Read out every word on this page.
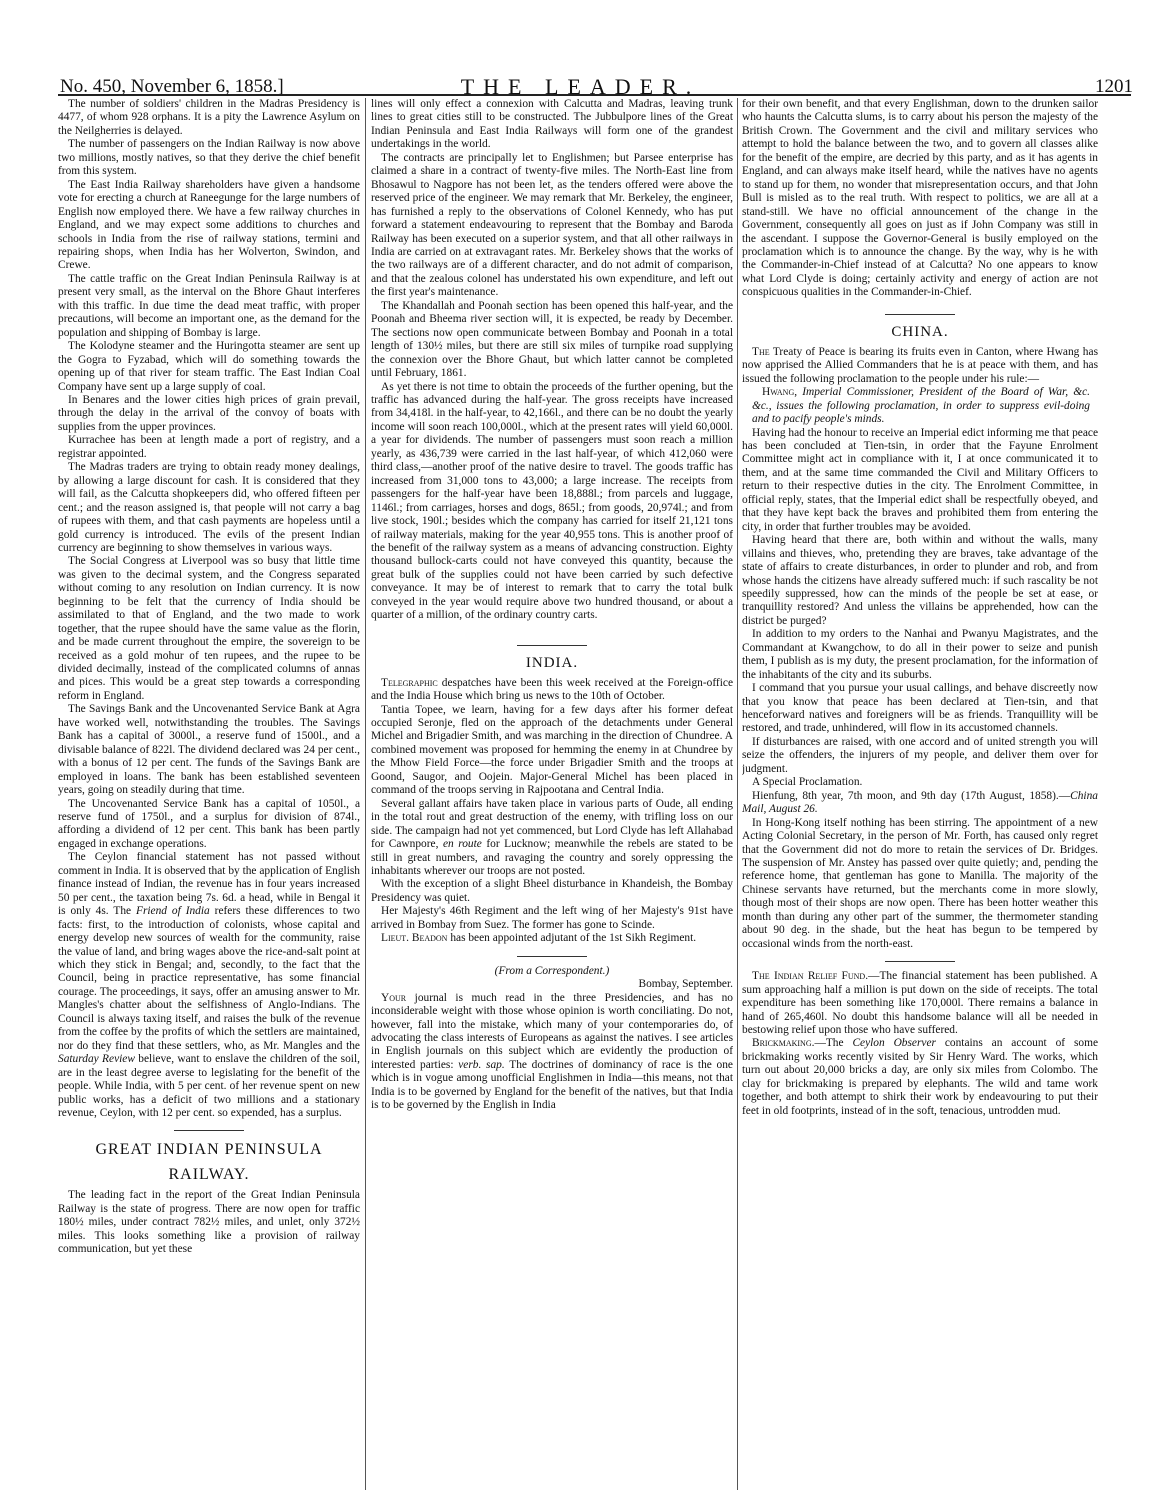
No. 450, November 6, 1858.]	THE LEADER.	1201

The number of soldiers' children in the Madras Presidency is 4477, of whom 928 orphans. It is a pity the Lawrence Asylum on the Neilgherries is delayed.

The number of passengers on the Indian Railway is now above two millions, mostly natives, so that they derive the chief benefit from this system.

The East India Railway shareholders have given a handsome vote for erecting a church at Raneegunge for the large numbers of English now employed there. We have a few railway churches in England, and we may expect some additions to churches and schools in India from the rise of railway stations, termini and repairing shops, when India has her Wolverton, Swindon, and Crewe.

The cattle traffic on the Great Indian Peninsula Railway is at present very small, as the interval on the Bhore Ghaut interferes with this traffic. In due time the dead meat traffic, with proper precautions, will become an important one, as the demand for the population and shipping of Bombay is large.

The Kolodyne steamer and the Huringotta steamer are sent up the Gogra to Fyzabad, which will do something towards the opening up of that river for steam traffic. The East Indian Coal Company have sent up a large supply of coal.

In Benares and the lower cities high prices of grain prevail, through the delay in the arrival of the convoy of boats with supplies from the upper provinces.

Kurrachee has been at length made a port of registry, and a registrar appointed.

The Madras traders are trying to obtain ready money dealings, by allowing a large discount for cash. It is considered that they will fail, as the Calcutta shopkeepers did, who offered fifteen per cent.; and the reason assigned is, that people will not carry a bag of rupees with them, and that cash payments are hopeless until a gold currency is introduced. The evils of the present Indian currency are beginning to show themselves in various ways.

The Social Congress at Liverpool was so busy that little time was given to the decimal system, and the Congress separated without coming to any resolution on Indian currency. It is now beginning to be felt that the currency of India should be assimilated to that of England, and the two made to work together, that the rupee should have the same value as the florin, and be made current throughout the empire, the sovereign to be received as a gold mohur of ten rupees, and the rupee to be divided decimally, instead of the complicated columns of annas and pices. This would be a great step towards a corresponding reform in England.

The Savings Bank and the Uncovenanted Service Bank at Agra have worked well, notwithstanding the troubles. The Savings Bank has a capital of 3000l., a reserve fund of 1500l., and a divisable balance of 822l. The dividend declared was 24 per cent., with a bonus of 12 per cent. The funds of the Savings Bank are employed in loans. The bank has been established seventeen years, going on steadily during that time.

The Uncovenanted Service Bank has a capital of 1050l., a reserve fund of 1750l., and a surplus for division of 874l., affording a dividend of 12 per cent. This bank has been partly engaged in exchange operations.

The Ceylon financial statement has not passed without comment in India. It is observed that by the application of English finance instead of Indian, the revenue has in four years increased 50 per cent., the taxation being 7s. 6d. a head, while in Bengal it is only 4s. The Friend of India refers these differences to two facts: first, to the introduction of colonists, whose capital and energy develop new sources of wealth for the community, raise the value of land, and bring wages above the rice-and-salt point at which they stick in Bengal; and, secondly, to the fact that the Council, being in practice representative, has some financial courage. The proceedings, it says, offer an amusing answer to Mr. Mangles's chatter about the selfishness of Anglo-Indians. The Council is always taxing itself, and raises the bulk of the revenue from the coffee by the profits of which the settlers are maintained, nor do they find that these settlers, who, as Mr. Mangles and the Saturday Review believe, want to enslave the children of the soil, are in the least degree averse to legislating for the benefit of the people. While India, with 5 per cent. of her revenue spent on new public works, has a deficit of two millions and a stationary revenue, Ceylon, with 12 per cent. so expended, has a surplus.

GREAT INDIAN PENINSULA
RAILWAY.

The leading fact in the report of the Great Indian Peninsula Railway is the state of progress. There are now open for traffic 180½ miles, under contract 782½ miles, and unlet, only 372½ miles. This looks something like a provision of railway communication, but yet these

lines will only effect a connexion with Calcutta and Madras, leaving trunk lines to great cities still to be constructed. The Jubbulpore lines of the Great Indian Peninsula and East India Railways will form one of the grandest undertakings in the world.

The contracts are principally let to Englishmen; but Parsee enterprise has claimed a share in a contract of twenty-five miles. The North-East line from Bhosawul to Nagpore has not been let, as the tenders offered were above the reserved price of the engineer. We may remark that Mr. Berkeley, the engineer, has furnished a reply to the observations of Colonel Kennedy, who has put forward a statement endeavouring to represent that the Bombay and Baroda Railway has been executed on a superior system, and that all other railways in India are carried on at extravagant rates. Mr. Berkeley shows that the works of the two railways are of a different character, and do not admit of comparison, and that the zealous colonel has understated his own expenditure, and left out the first year's maintenance.

The Khandallah and Poonah section has been opened this half-year, and the Poonah and Bheema river section will, it is expected, be ready by December. The sections now open communicate between Bombay and Poonah in a total length of 130½ miles, but there are still six miles of turnpike road supplying the connexion over the Bhore Ghaut, but which latter cannot be completed until February, 1861.

As yet there is not time to obtain the proceeds of the further opening, but the traffic has advanced during the half-year. The gross receipts have increased from 34,418l. in the half-year, to 42,166l., and there can be no doubt the yearly income will soon reach 100,000l., which at the present rates will yield 60,000l. a year for dividends. The number of passengers must soon reach a million yearly, as 436,739 were carried in the last half-year, of which 412,060 were third class,—another proof of the native desire to travel. The goods traffic has increased from 31,000 tons to 43,000; a large increase. The receipts from passengers for the half-year have been 18,888l.; from parcels and luggage, 1146l.; from carriages, horses and dogs, 865l.; from goods, 20,974l.; and from live stock, 190l.; besides which the company has carried for itself 21,121 tons of railway materials, making for the year 40,955 tons. This is another proof of the benefit of the railway system as a means of advancing construction. Eighty thousand bullock-carts could not have conveyed this quantity, because the great bulk of the supplies could not have been carried by such defective conveyance. It may be of interest to remark that to carry the total bulk conveyed in the year would require above two hundred thousand, or about a quarter of a million, of the ordinary country carts.

INDIA.

Telegraphic despatches have been this week received at the Foreign-office and the India House which bring us news to the 10th of October.

Tantia Topee, we learn, having for a few days after his former defeat occupied Seronje, fled on the approach of the detachments under General Michel and Brigadier Smith, and was marching in the direction of Chundree. A combined movement was proposed for hemming the enemy in at Chundree by the Mhow Field Force—the force under Brigadier Smith and the troops at Goond, Saugor, and Oojein. Major-General Michel has been placed in command of the troops serving in Rajpootana and Central India.

Several gallant affairs have taken place in various parts of Oude, all ending in the total rout and great destruction of the enemy, with trifling loss on our side. The campaign had not yet commenced, but Lord Clyde has left Allahabad for Cawnpore, en route for Lucknow; meanwhile the rebels are stated to be still in great numbers, and ravaging the country and sorely oppressing the inhabitants wherever our troops are not posted.

With the exception of a slight Bheel disturbance in Khandeish, the Bombay Presidency was quiet.

Her Majesty's 46th Regiment and the left wing of her Majesty's 91st have arrived in Bombay from Suez. The former has gone to Scinde.

Lieut. Beadon has been appointed adjutant of the 1st Sikh Regiment.

(From a Correspondent.)

Bombay, September.

Your journal is much read in the three Presidencies, and has no inconsiderable weight with those whose opinion is worth conciliating. Do not, however, fall into the mistake, which many of your contemporaries do, of advocating the class interests of Europeans as against the natives. I see articles in English journals on this subject which are evidently the production of interested parties: verb. sap. The doctrines of dominancy of race is the one which is in vogue among unofficial Englishmen in India—this means, not that India is to be governed by England for the benefit of the natives, but that India is to be governed by the English in India

for their own benefit, and that every Englishman, down to the drunken sailor who haunts the Calcutta slums, is to carry about his person the majesty of the British Crown. The Government and the civil and military services who attempt to hold the balance between the two, and to govern all classes alike for the benefit of the empire, are decried by this party, and as it has agents in England, and can always make itself heard, while the natives have no agents to stand up for them, no wonder that misrepresentation occurs, and that John Bull is misled as to the real truth. With respect to politics, we are all at a stand-still. We have no official announcement of the change in the Government, consequently all goes on just as if John Company was still in the ascendant. I suppose the Governor-General is busily employed on the proclamation which is to announce the change. By the way, why is he with the Commander-in-Chief instead of at Calcutta? No one appears to know what Lord Clyde is doing; certainly activity and energy of action are not conspicuous qualities in the Commander-in-Chief.

CHINA.

The Treaty of Peace is bearing its fruits even in Canton, where Hwang has now apprised the Allied Commanders that he is at peace with them, and has issued the following proclamation to the people under his rule:—

Hwang, Imperial Commissioner, President of the Board of War, &c. &c., issues the following proclamation, in order to suppress evil-doing and to pacify people's minds.

Having had the honour to receive an Imperial edict informing me that peace has been concluded at Tien-tsin, in order that the Fayune Enrolment Committee might act in compliance with it, I at once communicated it to them, and at the same time commanded the Civil and Military Officers to return to their respective duties in the city. The Enrolment Committee, in official reply, states, that the Imperial edict shall be respectfully obeyed, and that they have kept back the braves and prohibited them from entering the city, in order that further troubles may be avoided.

Having heard that there are, both within and without the walls, many villains and thieves, who, pretending they are braves, take advantage of the state of affairs to create disturbances, in order to plunder and rob, and from whose hands the citizens have already suffered much: if such rascality be not speedily suppressed, how can the minds of the people be set at ease, or tranquillity restored? And unless the villains be apprehended, how can the district be purged?

In addition to my orders to the Nanhai and Pwanyu Magistrates, and the Commandant at Kwangchow, to do all in their power to seize and punish them, I publish as is my duty, the present proclamation, for the information of the inhabitants of the city and its suburbs.

I command that you pursue your usual callings, and behave discreetly now that you know that peace has been declared at Tien-tsin, and that henceforward natives and foreigners will be as friends. Tranquillity will be restored, and trade, unhindered, will flow in its accustomed channels.

If disturbances are raised, with one accord and of united strength you will seize the offenders, the injurers of my people, and deliver them over for judgment.

A Special Proclamation.

Hienfung, 8th year, 7th moon, and 9th day (17th August, 1858).—China Mail, August 26.

In Hong-Kong itself nothing has been stirring. The appointment of a new Acting Colonial Secretary, in the person of Mr. Forth, has caused only regret that the Government did not do more to retain the services of Dr. Bridges. The suspension of Mr. Anstey has passed over quite quietly; and, pending the reference home, that gentleman has gone to Manilla. The majority of the Chinese servants have returned, but the merchants come in more slowly, though most of their shops are now open. There has been hotter weather this month than during any other part of the summer, the thermometer standing about 90 deg. in the shade, but the heat has begun to be tempered by occasional winds from the north-east.

The Indian Relief Fund.—The financial statement has been published. A sum approaching half a million is put down on the side of receipts. The total expenditure has been something like 170,000l. There remains a balance in hand of 265,460l. No doubt this handsome balance will all be needed in bestowing relief upon those who have suffered.

Brickmaking.—The Ceylon Observer contains an account of some brickmaking works recently visited by Sir Henry Ward. The works, which turn out about 20,000 bricks a day, are only six miles from Colombo. The clay for brickmaking is prepared by elephants. The wild and tame work together, and both attempt to shirk their work by endeavouring to put their feet in old footprints, instead of in the soft, tenacious, untrodden mud.
